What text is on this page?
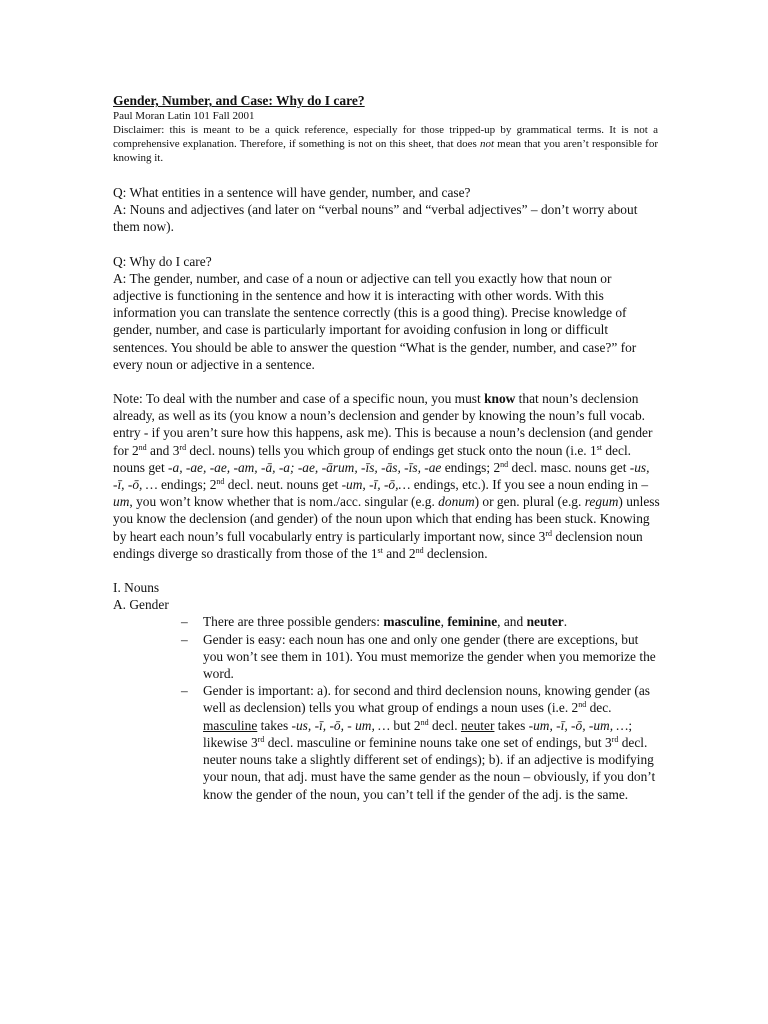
Gender, Number, and Case: Why do I care?

Paul Moran Latin 101 Fall 2001

Disclaimer: this is meant to be a quick reference, especially for those tripped-up by grammatical terms. It is not a comprehensive explanation. Therefore, if something is not on this sheet, that does not mean that you aren’t responsible for knowing it.

Q: What entities in a sentence will have gender, number, and case?

A: Nouns and adjectives (and later on “verbal nouns” and “verbal adjectives” – don’t worry about them now).

Q: Why do I care?

A: The gender, number, and case of a noun or adjective can tell you exactly how that noun or adjective is functioning in the sentence and how it is interacting with other words. With this information you can translate the sentence correctly (this is a good thing). Precise knowledge of gender, number, and case is particularly important for avoiding confusion in long or difficult sentences. You should be able to answer the question “What is the gender, number, and case?” for every noun or adjective in a sentence.

Note: To deal with the number and case of a specific noun, you must know that noun’s declension already, as well as its (you know a noun’s declension and gender by knowing the noun’s full vocab. entry - if you aren’t sure how this happens, ask me). This is because a noun’s declension (and gender for 2nd and 3rd decl. nouns) tells you which group of endings get stuck onto the noun (i.e. 1st decl. nouns get -a, -ae, -ae, -am, -ā, -a; -ae, -ārum, -īs, -ās, -īs, -ae endings; 2nd decl. masc. nouns get -us, -ī, -ō, … endings; 2nd decl. neut. nouns get -um, -ī, -ō,… endings, etc.). If you see a noun ending in –um, you won’t know whether that is nom./acc. singular (e.g. donum) or gen. plural (e.g. regum) unless you know the declension (and gender) of the noun upon which that ending has been stuck. Knowing by heart each noun’s full vocabularly entry is particularly important now, since 3rd declension noun endings diverge so drastically from those of the 1st and 2nd declension.

I. Nouns

A. Gender

– There are three possible genders: masculine, feminine, and neuter.
– Gender is easy: each noun has one and only one gender (there are exceptions, but you won’t see them in 101). You must memorize the gender when you memorize the word.
– Gender is important: a). for second and third declension nouns, knowing gender (as well as declension) tells you what group of endings a noun uses (i.e. 2nd dec. masculine takes -us, -ī, -ō, - um, … but 2nd decl. neuter takes -um, -ī, -ō, -um, …; likewise 3rd decl. masculine or feminine nouns take one set of endings, but 3rd decl. neuter nouns take a slightly different set of endings); b). if an adjective is modifying your noun, that adj. must have the same gender as the noun – obviously, if you don’t know the gender of the noun, you can’t tell if the gender of the adj. is the same.
